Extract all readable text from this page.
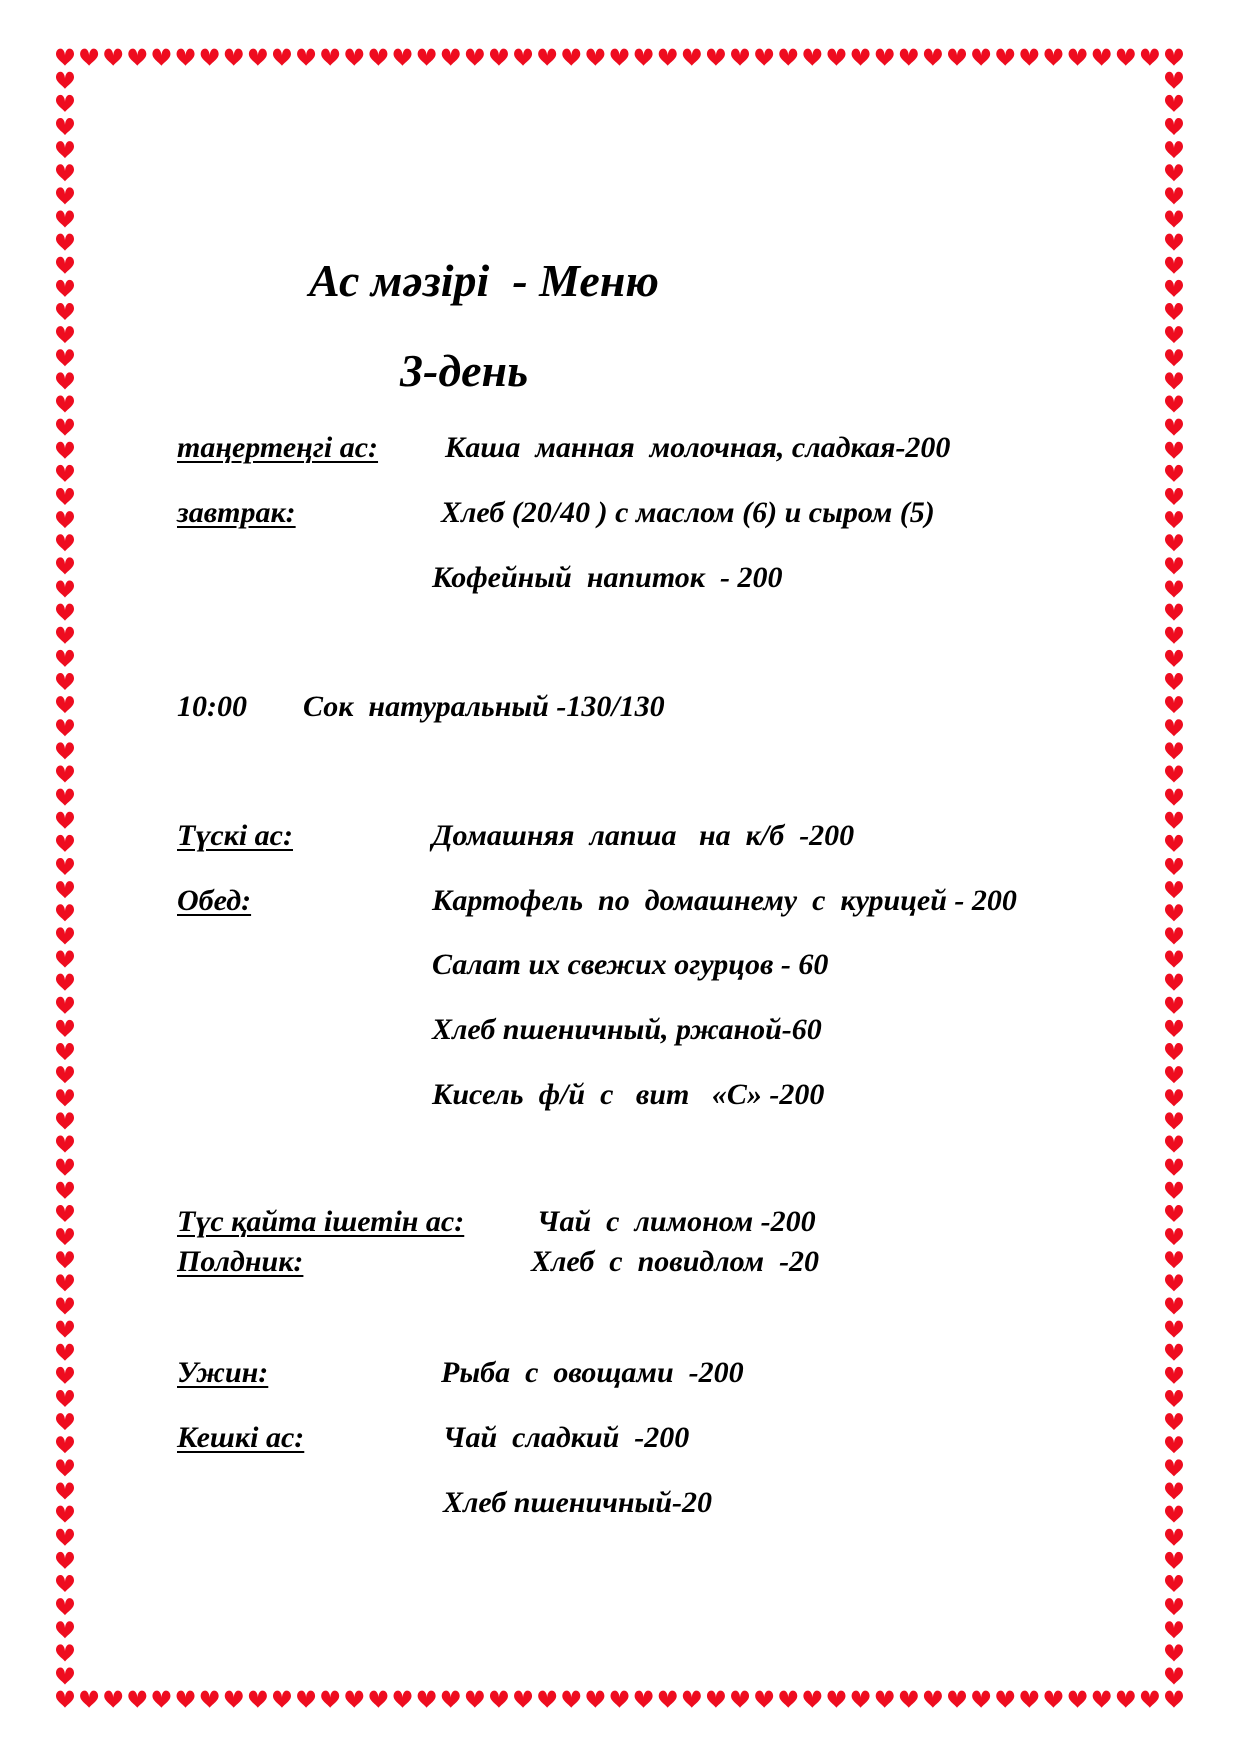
Ас мәзірі  - Меню
3-день
таңертеңгі ас: Каша  манная  молочная, сладкая-200
завтрак:	Хлеб (20/40 ) с маслом (6) и сыром (5)
Кофейный  напиток  - 200
10:00 Сок  натуральный -130/130
Түскі ас:	Домашняя  лапша   на  к/б  -200
Обед:	Картофель  по  домашнему  с  курицей - 200
Салат их свежих огурцов - 60
Хлеб пшеничный, ржаной-60
Кисель  ф/й  с   вит   «С» -200
Түс қайта ішетін ас: Чай  с  лимоном -200
Полдник:	Хлеб  с  повидлом  -20
Ужин:	Рыба  с  овощами  -200
Кешкі ас:	Чай  сладкий  -200
Хлеб пшеничный-20
